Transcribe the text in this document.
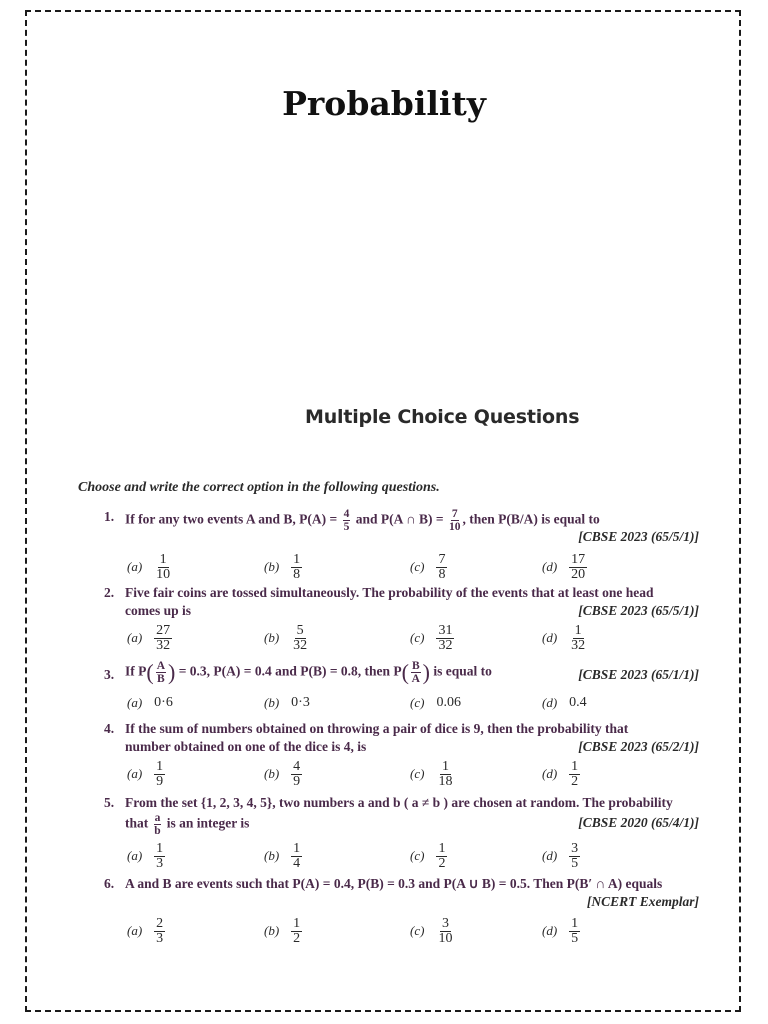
Probability
Multiple Choice Questions
Choose and write the correct option in the following questions.
1. If for any two events A and B, $P(A) = \frac{4}{5}$ and P(A ∩ $B) = \frac{7}{10}$ , then P(B/A) is equal to
[CBSE 2023 (65/5/1)]
$(a) \frac{1}{10}$	$(b) \frac{1}{8}$	$(c) \frac{7}{8}$	$(d) \frac{17}{20}$
2. Five fair coins are tossed simultaneously. The probability of the events that at least one head
comes up is	[CBSE 2023 (65/5/1)]
$(a) \frac{27}{32}$	$(b) \frac{5}{32}$	$(c) \frac{31}{32}$	$(d) \frac{1}{32}$
3. If $P( \frac{A}{B}$ ) = 0.3, P(A) = 0.4 and P(B) = 0.8, then $P( \frac{B}{A}$ ) is equal to	[CBSE 2023 (65/1/1)]
(a) 0·6	(b) 0·3	(c) 0.06	(d) 0.4
4. If the sum of numbers obtained on throwing a pair of dice is 9, then the probability that
number obtained on one of the dice is 4, is	[CBSE 2023 (65/2/1)]
$(a) \frac{1}{9}$	$(b) \frac{4}{9}$	$(c) \frac{1}{18}$	$(d) \frac{1}{2}$
5. From the set {1, 2, 3, 4, 5}, two numbers a and b ( a ≠ b ) are chosen at random. The probability
that $\frac{a}{b}$ is an integer is	[CBSE 2020 (65/4/1)]
$(a) \frac{1}{3}$	$(b) \frac{1}{4}$	$(c) \frac{1}{2}$	$(d) \frac{3}{5}$
6. A and B are events such that P(A) = 0.4, P(B) = 0.3 and P(A ∪ B) = 0.5. Then P(B′ ∩ A) equals
[NCERT Exemplar]
$(a) \frac{2}{3}$	$(b) \frac{1}{2}$	$(c) \frac{3}{10}$	$(d) \frac{1}{5}$
